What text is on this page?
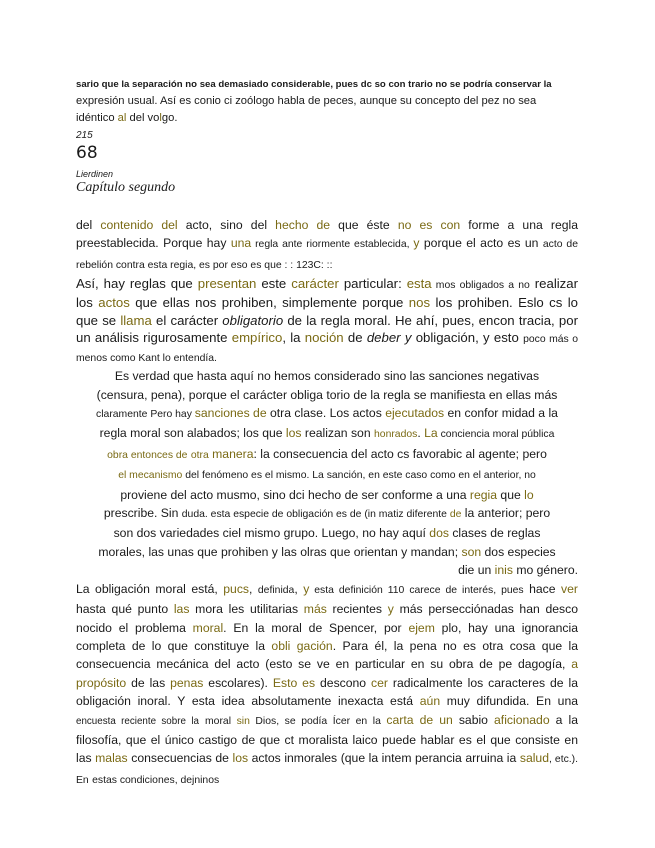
sario que la separación no sea demasiado considerable, pues dc so con trario no se podría conservar la
expresión usual. Así es conio ci zoólogo habla de peces, aunque su concepto del pez no sea
idéntico al del volgo.
215
68
Lierdinen
Capítulo segundo

del contenido del acto, sino del hecho de que éste no es con forme a una regla preestablecida. Porque hay una regla ante riormente establecida, y porque el acto es un acto de rebelión contra esta regia, es por eso es que : : 123C: ::

Así, hay reglas que presentan este carácter particular: esta mos obligados a no realizar los actos que ellas nos prohiben, simplemente porque nos los prohiben. Eslo cs lo que se llama el carácter obligatorio de la regla moral. He ahí, pues, encon tracia, por un análisis rigurosamente empírico, la noción de deber y obligación, y esto poco más o menos como Kant lo entendía.

Es verdad que hasta aquí no hemos considerado sino las sanciones negativas
(censura, pena), porque el carácter obliga torio de la regla se manifiesta en ellas más
claramente Pero hay sanciones de otra clase. Los actos ejecutados en confor midad a la
regla moral son alabados; los que los realizan son honrados. La conciencia moral pública
obra entonces de otra manera: la consecuencia del acto cs favorabic al agente; pero
el mecanismo del fenómeno es el mismo. La sanción, en este caso como en el anterior, no
proviene del acto musmo, sino dci hecho de ser conforme a una regia que lo
prescribe. Sin duda. esta especie de obligación es de (in matiz diferente de la anterior; pero
son dos variedades ciel mismo grupo. Luego, no hay aquí dos clases de reglas
morales, las unas que prohiben y las olras que orientan y mandan; son dos especies

die un inis mo género.

La obligación moral está, pucs, definida, y esta definición 110 carece de interés, pues hace ver hasta qué punto las mora les utilitarias más recientes y más persecciónadas han desco nocido el problema moral. En la moral de Spencer, por ejem plo, hay una ignorancia completa de lo que constituye la obli gación. Para él, la pena no es otra cosa que la consecuencia mecánica del acto (esto se ve en particular en su obra de pe dagogía, a propósito de las penas escolares). Esto es descono cer radicalmente los caracteres de la obligación inoral. Y esta idea absolutamente inexacta está aún muy difundida. En una encuesta reciente sobre la moral sin Dios, se podía Ícer en la carta de un sabio aficionado a la filosofía, que el único castigo de que ct moralista laico puede hablar es el que consiste en las malas consecuencias de los actos inmorales (que la intem perancia arruina ia salud, etc.). En estas condiciones, dejninos
